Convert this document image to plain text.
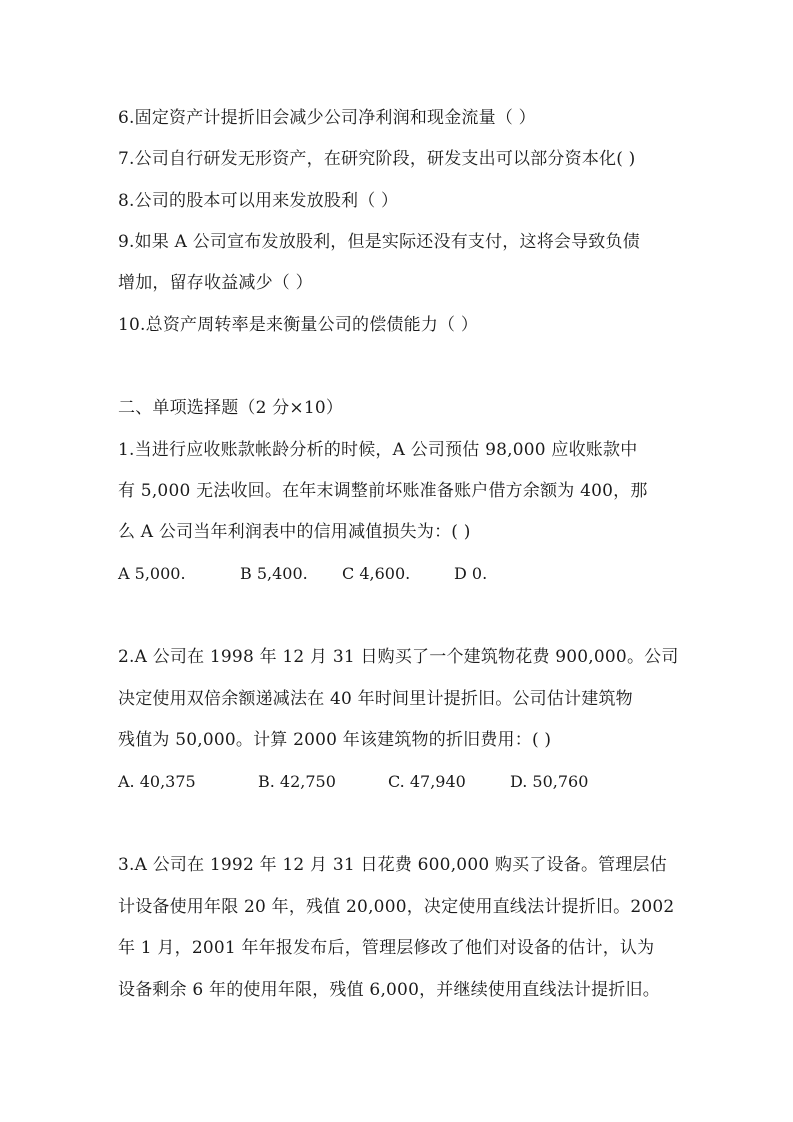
6.固定资产计提折旧会减少公司净利润和现金流量（ ）
7.公司自行研发无形资产，在研究阶段，研发支出可以部分资本化( )
8.公司的股本可以用来发放股利（ ）
9.如果 A 公司宣布发放股利，但是实际还没有支付，这将会导致负债
增加，留存收益减少（ ）
10.总资产周转率是来衡量公司的偿债能力（ ）
二、单项选择题（2 分×10）
1.当进行应收账款帐龄分析的时候，A 公司预估 98,000 应收账款中
有 5,000 无法收回。在年末调整前坏账准备账户借方余额为 400，那
么 A 公司当年利润表中的信用减值损失为：( )
A 5,000.	B 5,400. C 4,600.	D 0.
2.A 公司在 1998 年 12 月 31 日购买了一个建筑物花费 900,000。公司
决定使用双倍余额递减法在 40 年时间里计提折旧。公司估计建筑物
残值为 50,000。计算 2000 年该建筑物的折旧费用：( )
A. 40,375	B. 42,750	C. 47,940	D. 50,760
3.A 公司在 1992 年 12 月 31 日花费 600,000 购买了设备。管理层估
计设备使用年限 20 年，残值 20,000，决定使用直线法计提折旧。2002
年 1 月，2001 年年报发布后，管理层修改了他们对设备的估计，认为
设备剩余 6 年的使用年限，残值 6,000，并继续使用直线法计提折旧。
